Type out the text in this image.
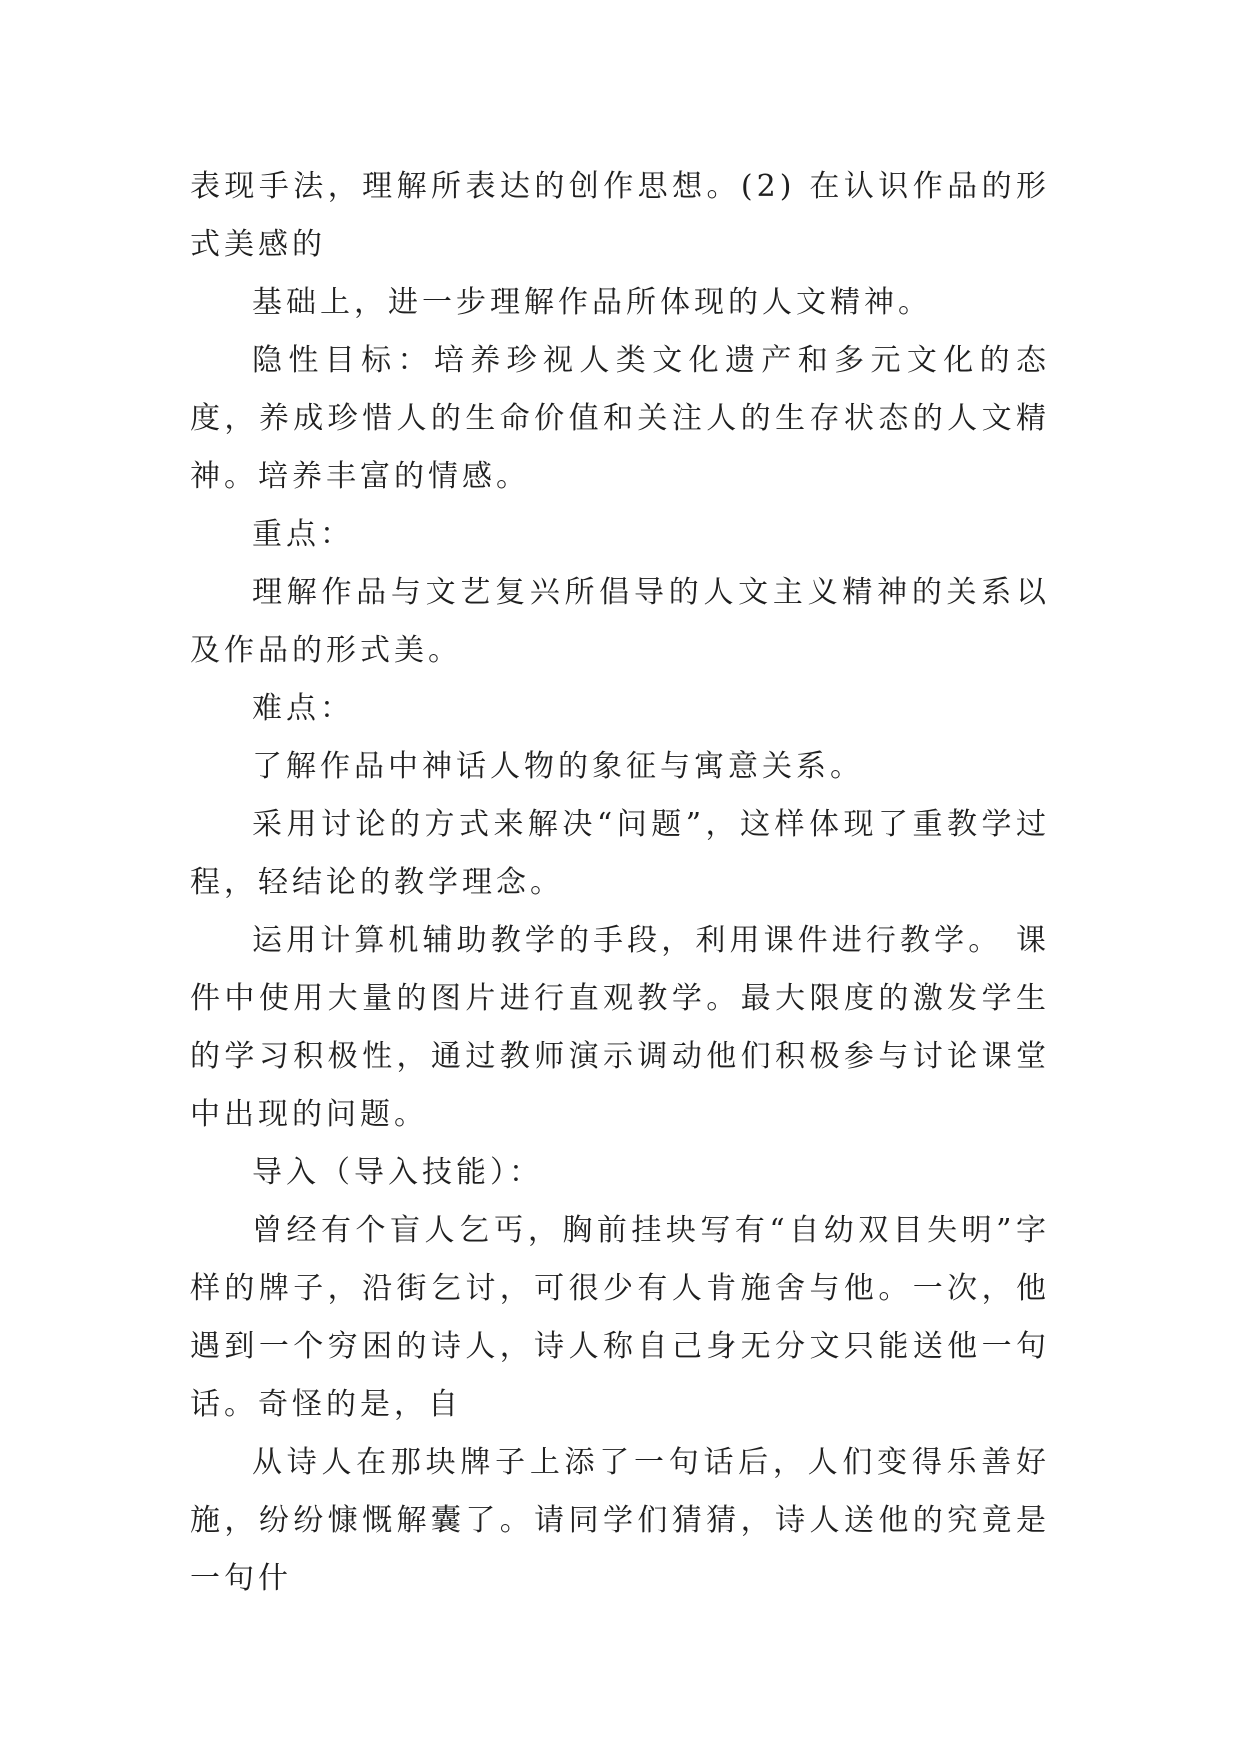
表现手法，理解所表达的创作思想。(2) 在认识作品的形式美感的

基础上，进一步理解作品所体现的人文精神。

隐性目标：培养珍视人类文化遗产和多元文化的态度，养成珍惜人的生命价值和关注人的生存状态的人文精神。培养丰富的情感。

重点：

理解作品与文艺复兴所倡导的人文主义精神的关系以及作品的形式美。

难点：

了解作品中神话人物的象征与寓意关系。

采用讨论的方式来解决“问题”，这样体现了重教学过程，轻结论的教学理念。

运用计算机辅助教学的手段，利用课件进行教学。 课件中使用大量的图片进行直观教学。最大限度的激发学生的学习积极性，通过教师演示调动他们积极参与讨论课堂中出现的问题。

导入（导入技能）：

曾经有个盲人乞丐，胸前挂块写有“自幼双目失明”字样的牌子，沿街乞讨，可很少有人肯施舍与他。一次，他遇到一个穷困的诗人，诗人称自己身无分文只能送他一句话。奇怪的是，自

从诗人在那块牌子上添了一句话后，人们变得乐善好施，纷纷慷慨解囊了。请同学们猜猜，诗人送他的究竟是一句什
